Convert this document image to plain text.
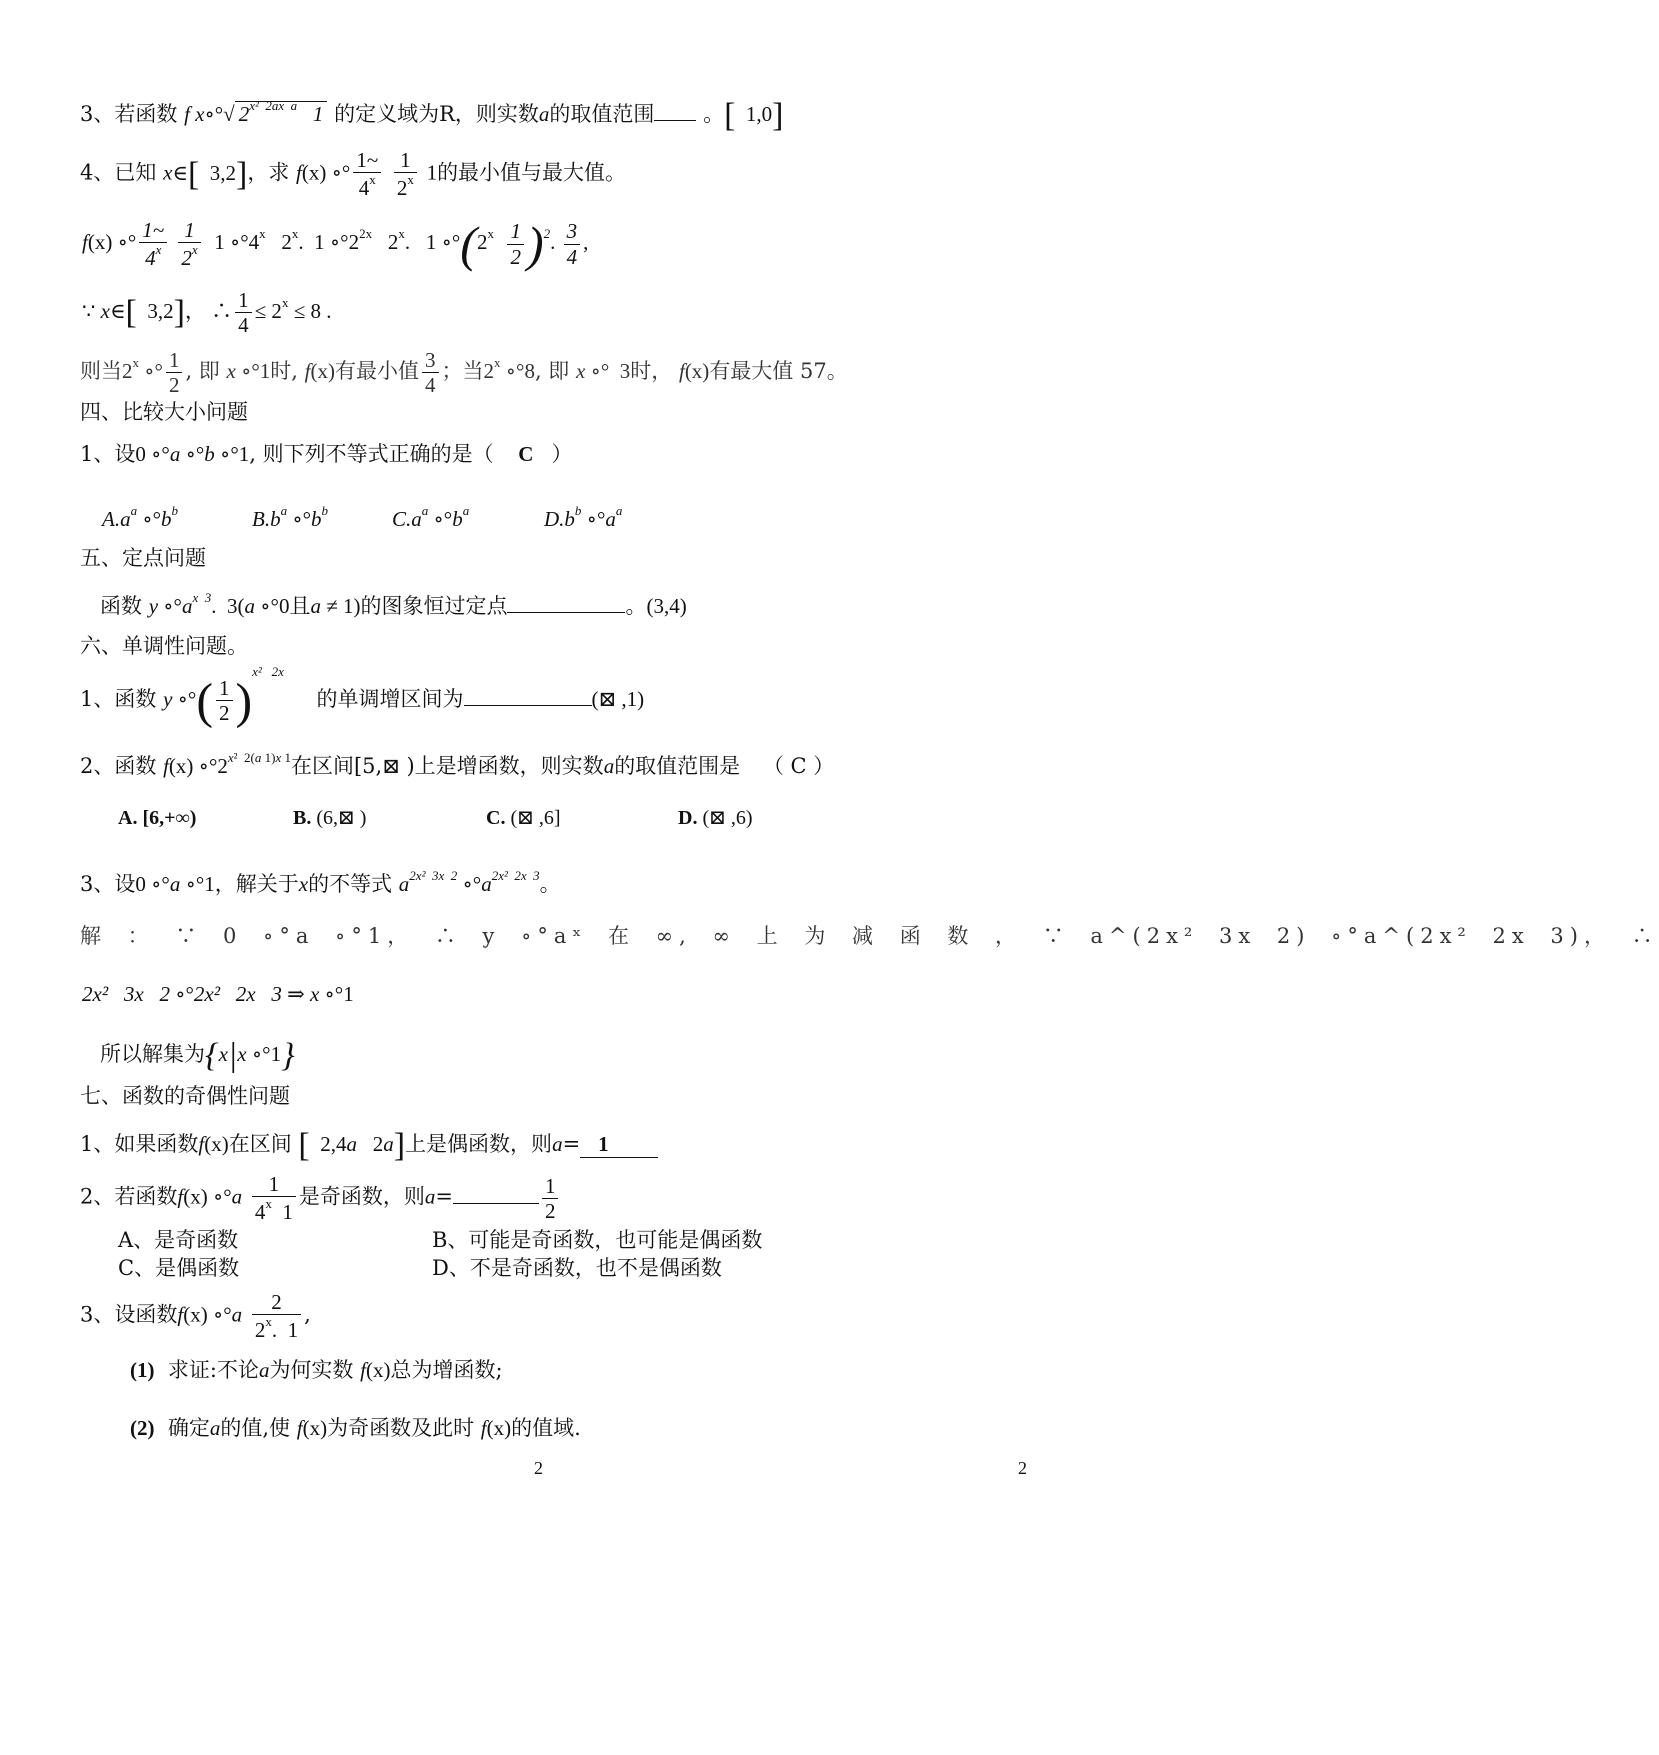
3、若函数 f x∘°√ $2^{x^2 2ax a}$   1 的定义域为R，则实数a的取值范围 。[  1,0]
4、已知 x∈[  3,2]，求 f(x) ∘° $\frac{1\sim}{4^x}$
$\frac{1}{2^x} 1$的最小值与最大值。
f(x) ∘° $\frac{1\sim}{4^x}$
$\frac{1}{2^x} 1$ ∘°4$^x$   2$^x$.  1 $\circ^\circ 2^{2x}$   2$^x$.   1 ∘°(2$^x$ $\frac{1}{2} )^2$. $\frac{3}{4}$ ,
∵ x∈[  3,2]， ∴ $\frac{1}{4} \le 2^x \le 8$ .
则当2$^x$ ∘° $\frac{1}{2}$ , 即 x ∘°1时, f(x)有最小值 $\frac{3}{4}$ ；当2$^x$ ∘°8, 即 x ∘°  3时， f(x)有最大值 57。
四、比较大小问题
1、设0 ∘°a ∘°b ∘°1, 则下列不等式正确的是（ C ）
$A.a^a$ $\circ^\circ b^b$	$B.b^a$ $\circ^\circ b^b$	$C.a^a$ $\circ^\circ b^a$	$D.b^b$ $\circ^\circ a^a$
五、定点问题
函数 y $\circ^\circ a^{x 3}$.  3(a ∘°0且a ≠ 1)的图象恒过定点	。(3,4)
六、单调性问题。
1、函数 y ∘°( $\frac{1}{2} )^{x^2 2x}$ 的单调增区间为	(⊠ ,1)
2、函数 f(x) $\circ^\circ 2^{x^2 2(a 1)x 1}$在区间[5,⊠ )上是增函数，则实数a的取值范围是 （ C ）
A. [6,+∞)	B. (6,⊠ )	C. (⊠ ,6]	D. (⊠ ,6)
3、设0 ∘°a ∘°1，解关于x的不等式 $a^{2x^2 3x 2}$ $\circ^\circ a^{2x^2 2x 3}$。
解 ： ∵ 0 ∘°a ∘°1， ∴ y ∘°aˣ 在 ∞, ∞ 上 为 减 函 数 ， ∵ a^(2x² 3x 2) ∘°a^(2x² 2x 3)， ∴
2x²   3x   2 ∘°2x²   2x   3 ⇒ x ∘°1
所以解集为{x|x ∘°1}
七、函数的奇偶性问题
1、如果函数f(x)在区间 [  2,4a   2a]上是偶函数，则a= 1
2、若函数f(x) ∘°a $\frac{1}{4^x 1}$ 是奇函数，则a=	$\frac{1}{2}$
A、是奇函数	B、可能是奇函数，也可能是偶函数
C、是偶函数	D、不是奇函数，也不是偶函数
3、设函数f(x) ∘°a $\frac{2}{2^x. 1}$ ,
(1) 求证:不论a为何实数 f(x)总为增函数;
(2) 确定a的值,使 f(x)为奇函数及此时 f(x)的值域.
2	2
